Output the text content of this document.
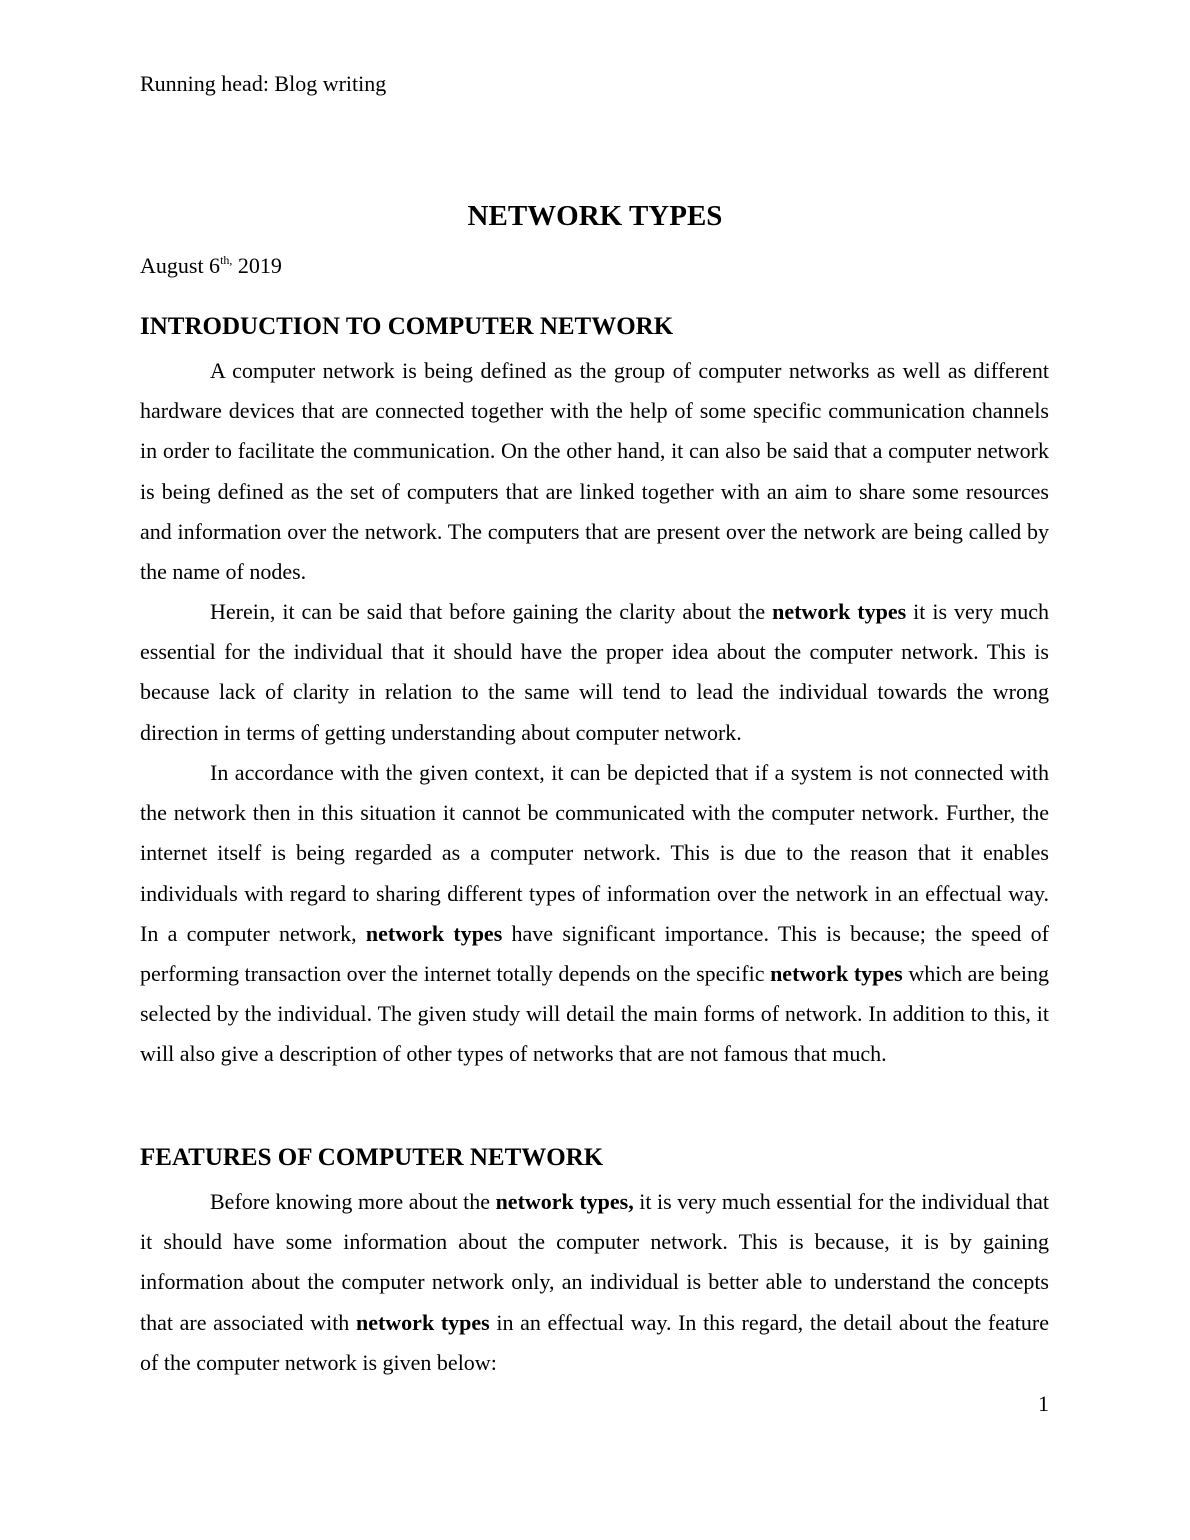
Running head: Blog writing
NETWORK TYPES
August $6^{th,}$ 2019
INTRODUCTION TO COMPUTER NETWORK

A computer network is being defined as the group of computer networks as well as different hardware devices that are connected together with the help of some specific communication channels in order to facilitate the communication. On the other hand, it can also be said that a computer network is being defined as the set of computers that are linked together with an aim to share some resources and information over the network. The computers that are present over the network are being called by the name of nodes.

Herein, it can be said that before gaining the clarity about the network types it is very much essential for the individual that it should have the proper idea about the computer network. This is because lack of clarity in relation to the same will tend to lead the individual towards the wrong direction in terms of getting understanding about computer network.

In accordance with the given context, it can be depicted that if a system is not connected with the network then in this situation it cannot be communicated with the computer network. Further, the internet itself is being regarded as a computer network. This is due to the reason that it enables individuals with regard to sharing different types of information over the network in an effectual way. In a computer network, network types have significant importance. This is because; the speed of performing transaction over the internet totally depends on the specific network types which are being selected by the individual. The given study will detail the main forms of network. In addition to this, it will also give a description of other types of networks that are not famous that much.

FEATURES OF COMPUTER NETWORK

Before knowing more about the network types, it is very much essential for the individual that it should have some information about the computer network. This is because, it is by gaining information about the computer network only, an individual is better able to understand the concepts that are associated with network types in an effectual way. In this regard, the detail about the feature of the computer network is given below:

1
